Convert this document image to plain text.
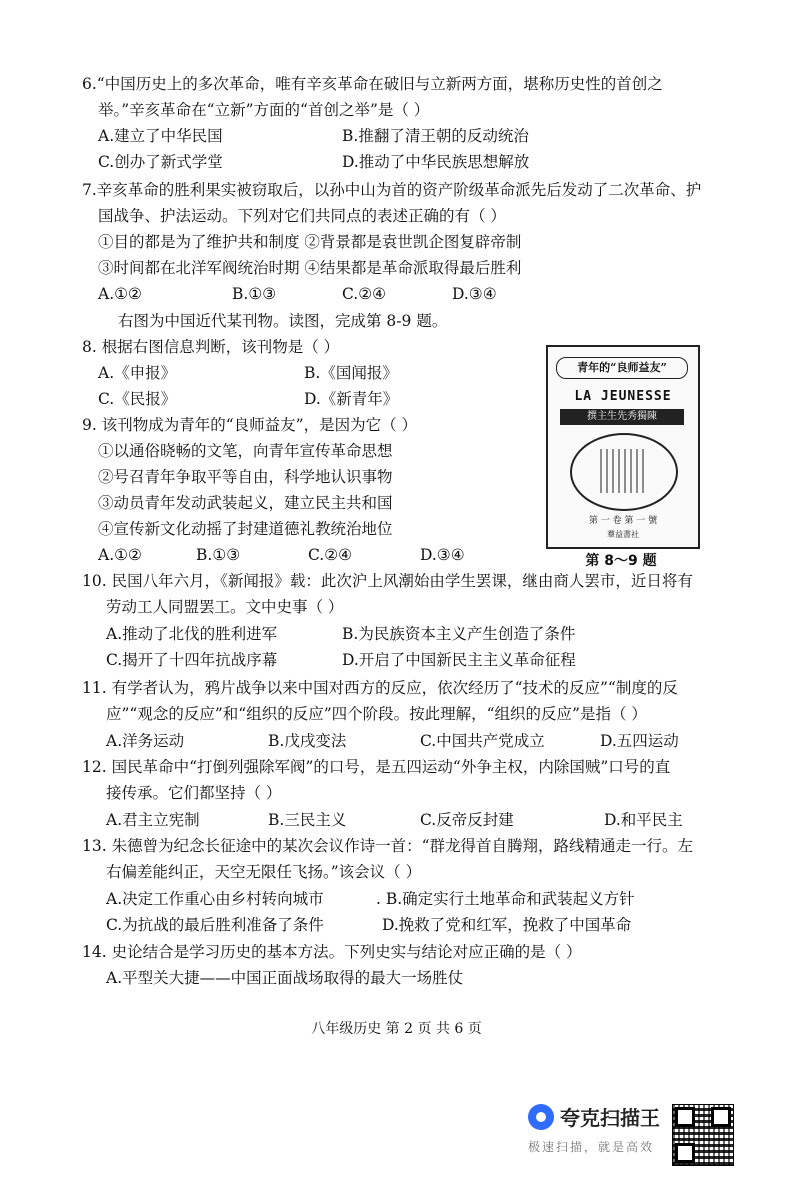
6.“中国历史上的多次革命，唯有辛亥革命在破旧与立新两方面，堪称历史性的首创之
举。”辛亥革命在“立新”方面的“首创之举”是（ ）
7.辛亥革命的胜利果实被窃取后，以孙中山为首的资产阶级革命派先后发动了二次革命、护
国战争、护法运动。下列对它们共同点的表述正确的有（ ）
①目的都是为了维护共和制度 ②背景都是袁世凯企图复辟帝制
③时间都在北洋军阀统治时期 ④结果都是革命派取得最后胜利
右图为中国近代某刊物。读图，完成第 8-9 题。
8. 根据右图信息判断，该刊物是（ ）
9. 该刊物成为青年的“良师益友”，是因为它（ ）
①以通俗晓畅的文笔，向青年宣传革命思想
②号召青年争取平等自由，科学地认识事物
③动员青年发动武装起义，建立民主共和国
④宣传新文化动摇了封建道德礼教统治地位
10. 民国八年六月，《新闻报》载：此次沪上风潮始由学生罢课，继由商人罢市，近日将有
劳动工人同盟罢工。文中史事（ ）
11. 有学者认为，鸦片战争以来中国对西方的反应，依次经历了“技术的反应”“制度的反
应”“观念的反应”和“组织的反应”四个阶段。按此理解，“组织的反应”是指（ ）
12. 国民革命中“打倒列强除军阀”的口号，是五四运动“外争主权，内除国贼”口号的直
接传承。它们都坚持（ ）
13. 朱德曾为纪念长征途中的某次会议作诗一首：“群龙得首自腾翔，路线精通走一行。左
右偏差能纠正，天空无限任飞扬。”该会议（ ）
14. 史论结合是学习历史的基本方法。下列史实与结论对应正确的是（ ）
A.平型关大捷——中国正面战场取得的最大一场胜仗
A.建立了中华民国	B.推翻了清王朝的反动统治
C.创办了新式学堂	D.推动了中华民族思想解放
A.①②	B.①③	C.②④	D.③④
A.《申报》	B.《国闻报》
C.《民报》	D.《新青年》
A.①②	B.①③	C.②④	D.③④
A.推动了北伐的胜利进军	B.为民族资本主义产生创造了条件
C.揭开了十四年抗战序幕	D.开启了中国新民主主义革命征程
A.洋务运动	B.戊戌变法	C.中国共产党成立	D.五四运动
A.君主立宪制	B.三民主义	C.反帝反封建	D.和平民主
A.决定工作重心由乡村转向城市	. B.确定实行土地革命和武装起义方针
C.为抗战的最后胜利准备了条件	D.挽救了党和红军，挽救了中国革命
青年的“良师益友”
LA JEUNESSE
撰主生先秀獨陳
第 一 卷 第 一 號
羣益書社
第 8～9 题
八年级历史 第 2 页 共 6 页
夸克扫描王
极速扫描，就是高效
